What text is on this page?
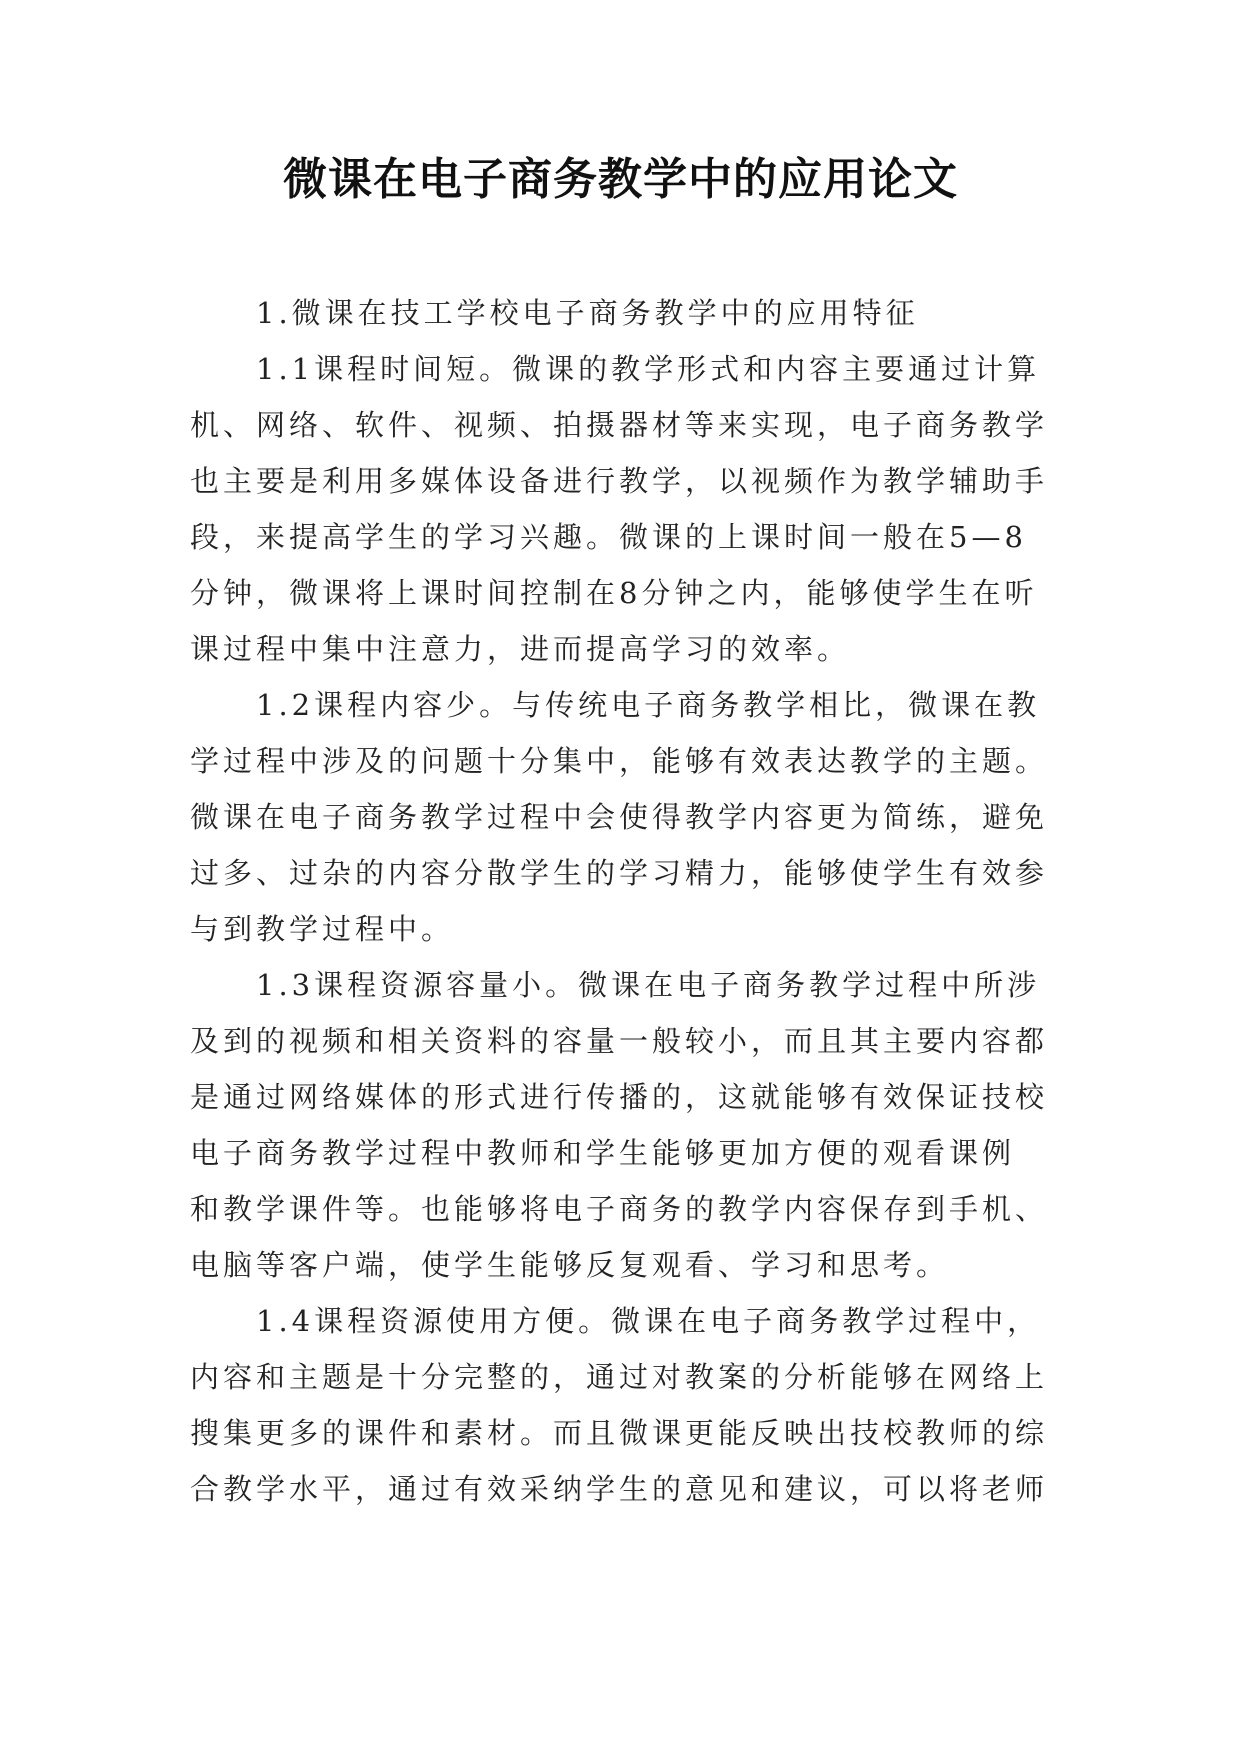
微课在电子商务教学中的应用论文
1.微课在技工学校电子商务教学中的应用特征
1.1课程时间短。微课的教学形式和内容主要通过计算
机、网络、软件、视频、拍摄器材等来实现，电子商务教学
也主要是利用多媒体设备进行教学，以视频作为教学辅助手
段，来提高学生的学习兴趣。微课的上课时间一般在5—8
分钟，微课将上课时间控制在8分钟之内，能够使学生在听
课过程中集中注意力，进而提高学习的效率。
1.2课程内容少。与传统电子商务教学相比，微课在教
学过程中涉及的问题十分集中，能够有效表达教学的主题。
微课在电子商务教学过程中会使得教学内容更为简练，避免
过多、过杂的内容分散学生的学习精力，能够使学生有效参
与到教学过程中。
1.3课程资源容量小。微课在电子商务教学过程中所涉
及到的视频和相关资料的容量一般较小，而且其主要内容都
是通过网络媒体的形式进行传播的，这就能够有效保证技校
电子商务教学过程中教师和学生能够更加方便的观看课例
和教学课件等。也能够将电子商务的教学内容保存到手机、
电脑等客户端，使学生能够反复观看、学习和思考。
1.4课程资源使用方便。微课在电子商务教学过程中，
内容和主题是十分完整的，通过对教案的分析能够在网络上
搜集更多的课件和素材。而且微课更能反映出技校教师的综
合教学水平，通过有效采纳学生的意见和建议，可以将老师
